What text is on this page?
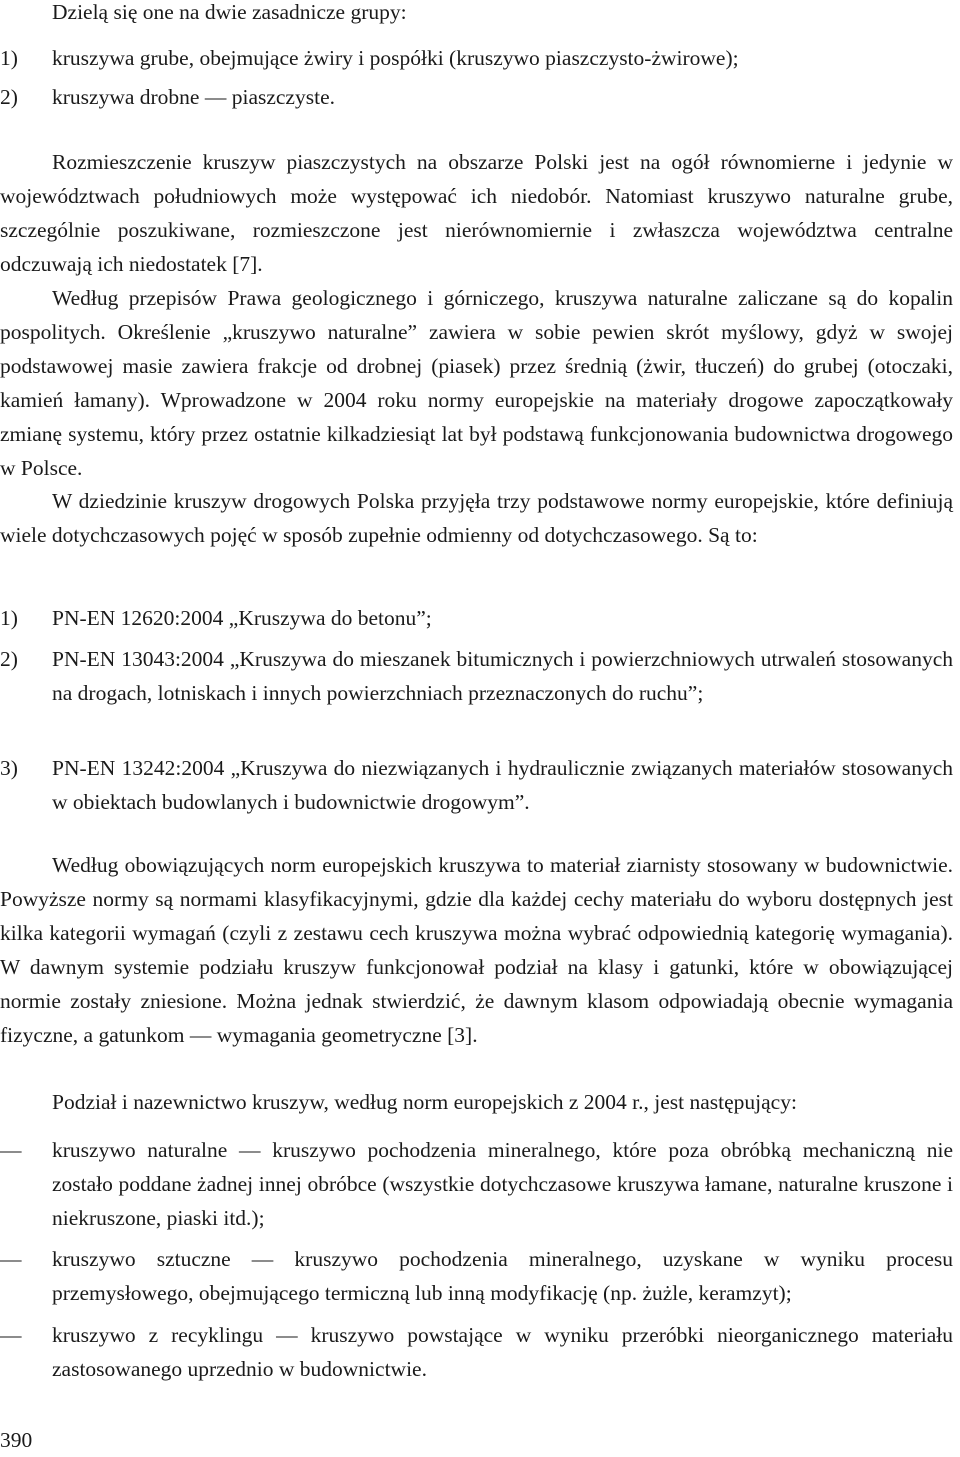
Dzielą się one na dwie zasadnicze grupy:

1) kruszywa grube, obejmujące żwiry i pospółki (kruszywo piaszczysto-żwirowe);
2) kruszywa drobne — piaszczyste.

Rozmieszczenie kruszyw piaszczystych na obszarze Polski jest na ogół równomierne i jedynie w województwach południowych może występować ich niedobór. Natomiast kruszywo naturalne grube, szczególnie poszukiwane, rozmieszczone jest nierównomiernie i zwłaszcza województwa centralne odczuwają ich niedostatek [7].

Według przepisów Prawa geologicznego i górniczego, kruszywa naturalne zaliczane są do kopalin pospolitych. Określenie „kruszywo naturalne” zawiera w sobie pewien skrót myślowy, gdyż w swojej podstawowej masie zawiera frakcje od drobnej (piasek) przez średnią (żwir, tłuczeń) do grubej (otoczaki, kamień łamany). Wprowadzone w 2004 roku normy europejskie na materiały drogowe zapoczątkowały zmianę systemu, który przez ostatnie kilkadziesiąt lat był podstawą funkcjonowania budownictwa drogowego w Polsce.

W dziedzinie kruszyw drogowych Polska przyjęła trzy podstawowe normy europejskie, które definiują wiele dotychczasowych pojęć w sposób zupełnie odmienny od dotychczasowego. Są to:

1) PN-EN 12620:2004 „Kruszywa do betonu”;
2) PN-EN 13043:2004 „Kruszywa do mieszanek bitumicznych i powierzchniowych utrwaleń stosowanych na drogach, lotniskach i innych powierzchniach przeznaczonych do ruchu”;
3) PN-EN 13242:2004 „Kruszywa do niezwiązanych i hydraulicznie związanych materiałów stosowanych w obiektach budowlanych i budownictwie drogowym”.

Według obowiązujących norm europejskich kruszywa to materiał ziarnisty stosowany w budownictwie. Powyższe normy są normami klasyfikacyjnymi, gdzie dla każdej cechy materiału do wyboru dostępnych jest kilka kategorii wymagań (czyli z zestawu cech kruszywa można wybrać odpowiednią kategorię wymagania). W dawnym systemie podziału kruszyw funkcjonował podział na klasy i gatunki, które w obowiązującej normie zostały zniesione. Można jednak stwierdzić, że dawnym klasom odpowiadają obecnie wymagania fizyczne, a gatunkom — wymagania geometryczne [3].

Podział i nazewnictwo kruszyw, według norm europejskich z 2004 r., jest następujący:

— kruszywo naturalne — kruszywo pochodzenia mineralnego, które poza obróbką mechaniczną nie zostało poddane żadnej innej obróbce (wszystkie dotychczasowe kruszywa łamane, naturalne kruszone i niekruszone, piaski itd.);
— kruszywo sztuczne — kruszywo pochodzenia mineralnego, uzyskane w wyniku procesu przemysłowego, obejmującego termiczną lub inną modyfikację (np. żużle, keramzyt);
— kruszywo z recyklingu — kruszywo powstające w wyniku przeróbki nieorganicznego materiału zastosowanego uprzednio w budownictwie.
390
